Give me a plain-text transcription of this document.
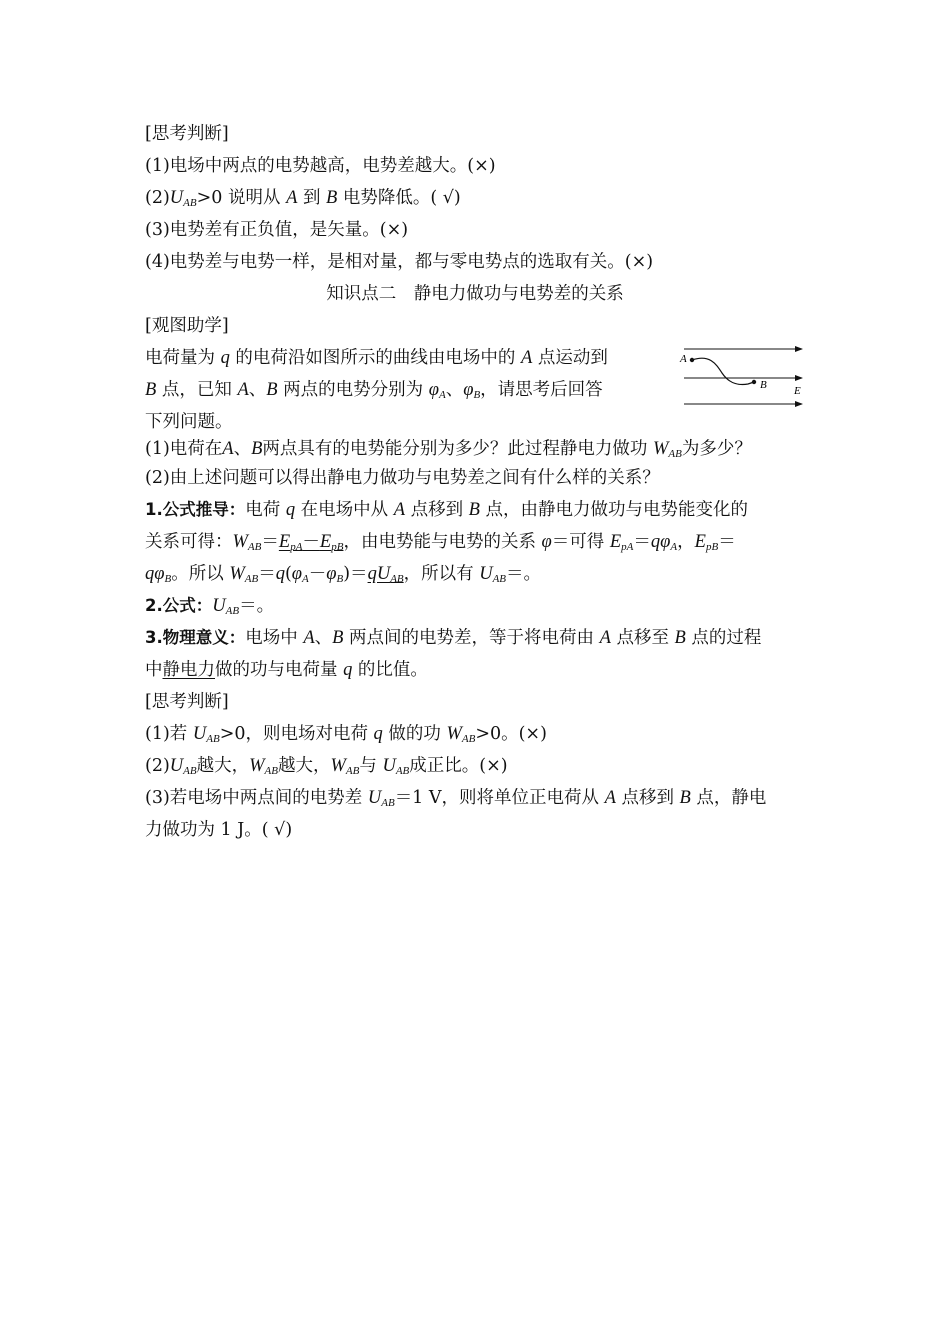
[思考判断]
(1)电场中两点的电势越高，电势差越大。(×)
$(2)U_{AB}>0$ 说明从 A 到 B 电势降低。( √)
(3)电势差有正负值，是矢量。(×)
(4)电势差与电势一样，是相对量，都与零电势点的选取有关。(×)
知识点二　静电力做功与电势差的关系
[观图助学]
电荷量为 q 的电荷沿如图所示的曲线由电场中的 A 点运动到
B 点，已知 A、B 两点的电势分别为 $\varphi_A$、$\varphi_B$，请思考后回答
下列问题。
A
B E
(1)电荷在A、B两点具有的电势能分别为多少？此过程静电力做功 $W_{AB}$为多少？
(2)由上述问题可以得出静电力做功与电势差之间有什么样的关系？
1.公式推导：电荷 q 在电场中从 A 点移到 B 点，由静电力做功与电势能变化的
关系可得：$W_{AB}=E_{pA}-E_{pB}$，由电势能与电势的关系 φ＝可得 $E_{pA}=q\varphi_A$，$E_{pB}=$
$q\varphi_B$。所以 $W_{AB}=q(\varphi_A-\varphi_B)=qU_{AB}$，所以有 $U_{AB}=$。
2.公式：$U_{AB}=$。
3.物理意义：电场中 A、B 两点间的电势差，等于将电荷由 A 点移至 B 点的过程
中静电力做的功与电荷量 q 的比值。
[思考判断]
(1)若 $U_{AB}>0$，则电场对电荷 q 做的功 $W_{AB}>0$。(×)
$(2)U_{AB}$越大，$W_{AB}$越大，$W_{AB}$与 $U_{AB}$成正比。(×)
(3)若电场中两点间的电势差 $U_{AB}=1$ V，则将单位正电荷从 A 点移到 B 点，静电
力做功为 1 J。( √)
